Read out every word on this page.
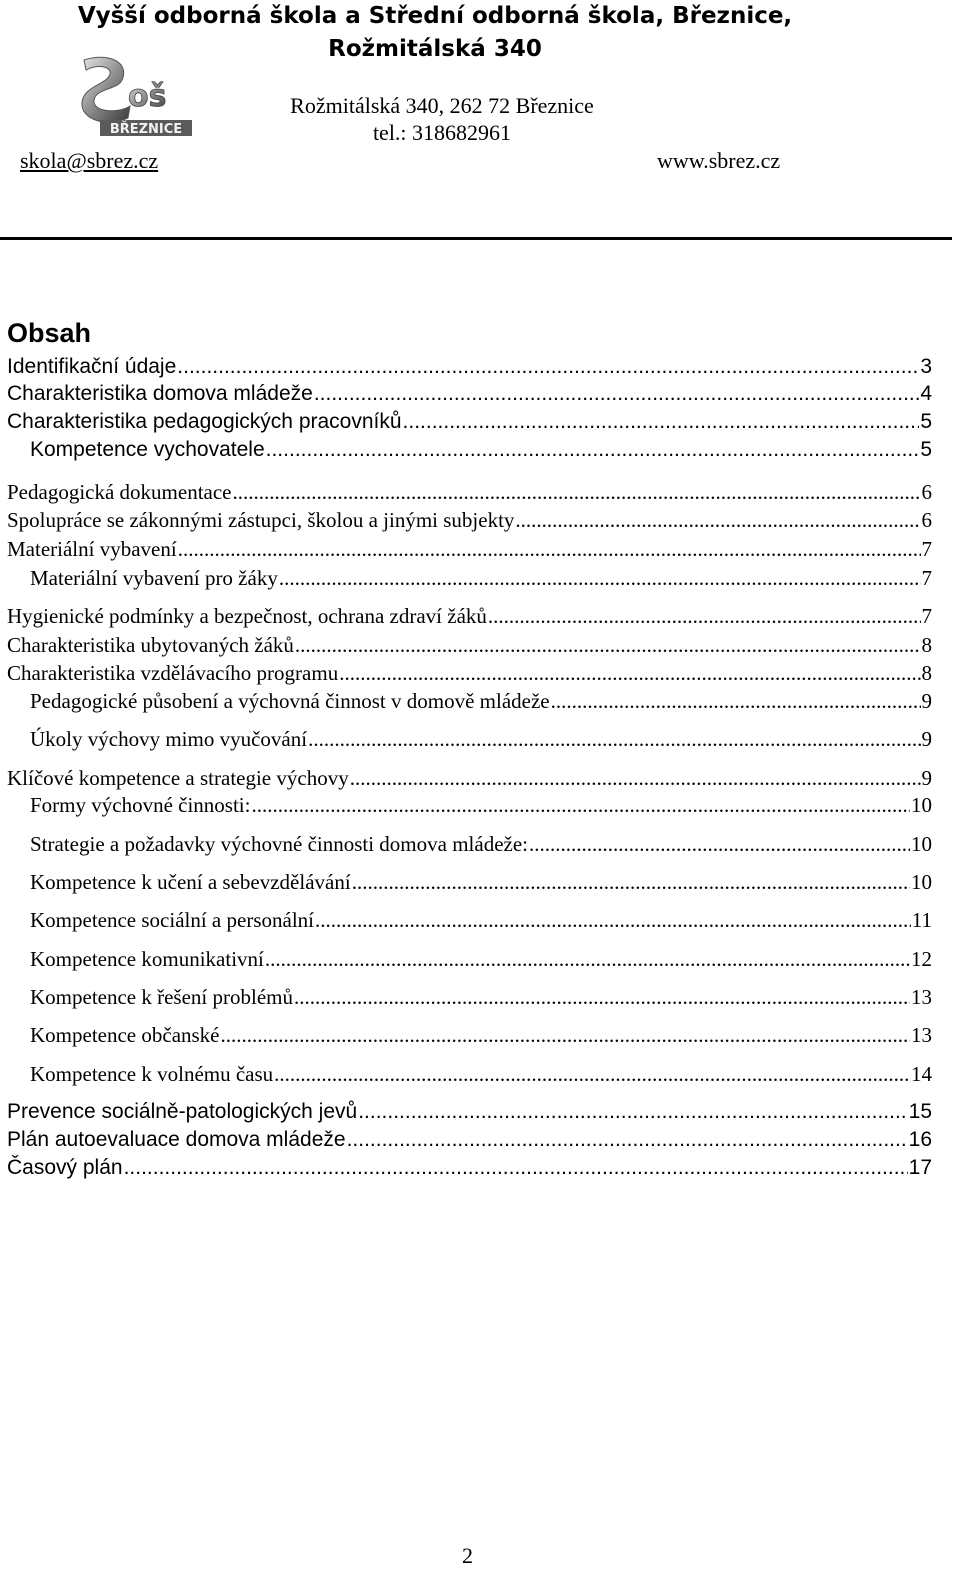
Vyšší odborná škola a Střední odborná škola, Březnice,
Rožmitálská 340
oš
BŘEZNICE
Rožmitálská 340, 262 72 Březnice
tel.: 318682961
skola@sbrez.cz	www.sbrez.cz
Obsah
Identifikační údaje .....	3
Charakteristika domova mládeže .....	4
Charakteristika pedagogických pracovníků .....	5
Kompetence vychovatele .....	5
Pedagogická dokumentace .....	6
Spolupráce se zákonnými zástupci, školou a jinými subjekty .....	6
Materiální vybavení .....	7
Materiální vybavení pro žáky .....	7
Hygienické podmínky a bezpečnost, ochrana zdraví žáků .....	7
Charakteristika ubytovaných žáků .....	8
Charakteristika vzdělávacího programu .....	8
Pedagogické působení a výchovná činnost v domově mládeže .....	9
Úkoly výchovy mimo vyučování .....	9
Klíčové kompetence a strategie výchovy .....	9
Formy výchovné činnosti: .....	10
Strategie a požadavky výchovné činnosti domova mládeže: .....	10
Kompetence k učení a sebevzdělávání .....	10
Kompetence sociální a personální .....	11
Kompetence komunikativní .....	12
Kompetence k řešení problémů .....	13
Kompetence občanské .....	13
Kompetence k volnému času .....	14
Prevence sociálně-patologických jevů .....	15
Plán autoevaluace domova mládeže .....	16
Časový plán .....	17
2
